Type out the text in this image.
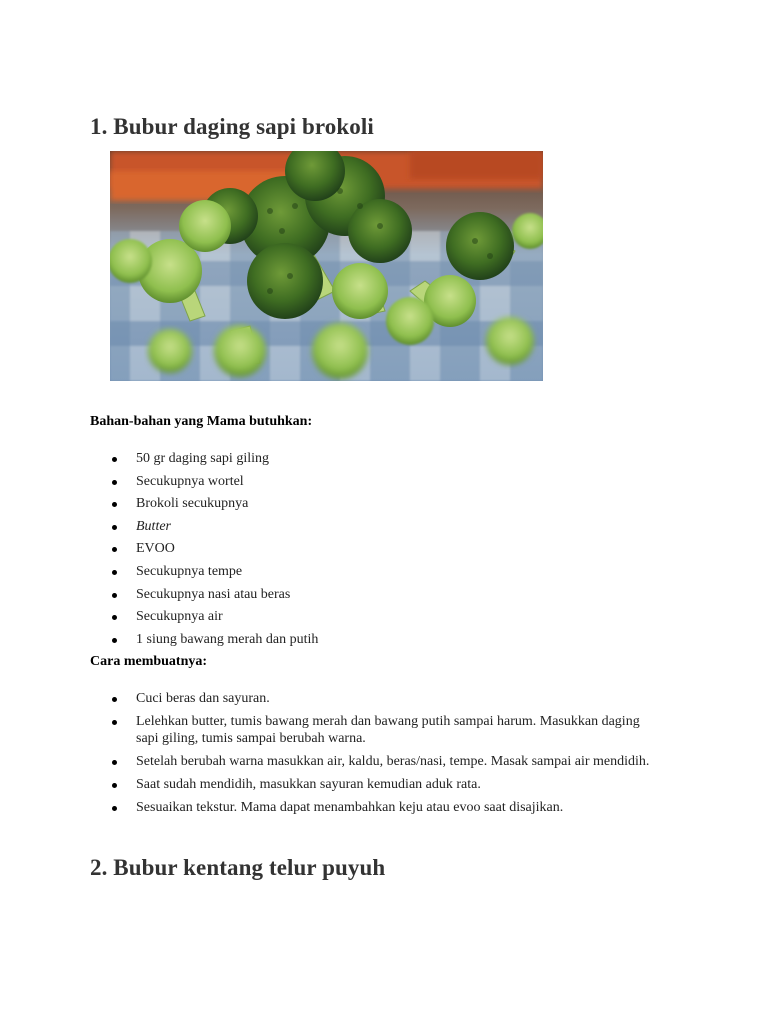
1. Bubur daging sapi brokoli

Bahan-bahan yang Mama butuhkan:

50 gr daging sapi giling
Secukupnya wortel
Brokoli secukupnya
Butter
EVOO
Secukupnya tempe
Secukupnya nasi atau beras
Secukupnya air
1 siung bawang merah dan putih

Cara membuatnya:

Cuci beras dan sayuran.
Lelehkan butter, tumis bawang merah dan bawang putih sampai harum. Masukkan daging sapi giling, tumis sampai berubah warna.
Setelah berubah warna masukkan air, kaldu, beras/nasi, tempe. Masak sampai air mendidih.
Saat sudah mendidih, masukkan sayuran kemudian aduk rata.
Sesuaikan tekstur. Mama dapat menambahkan keju atau evoo saat disajikan.
2. Bubur kentang telur puyuh
